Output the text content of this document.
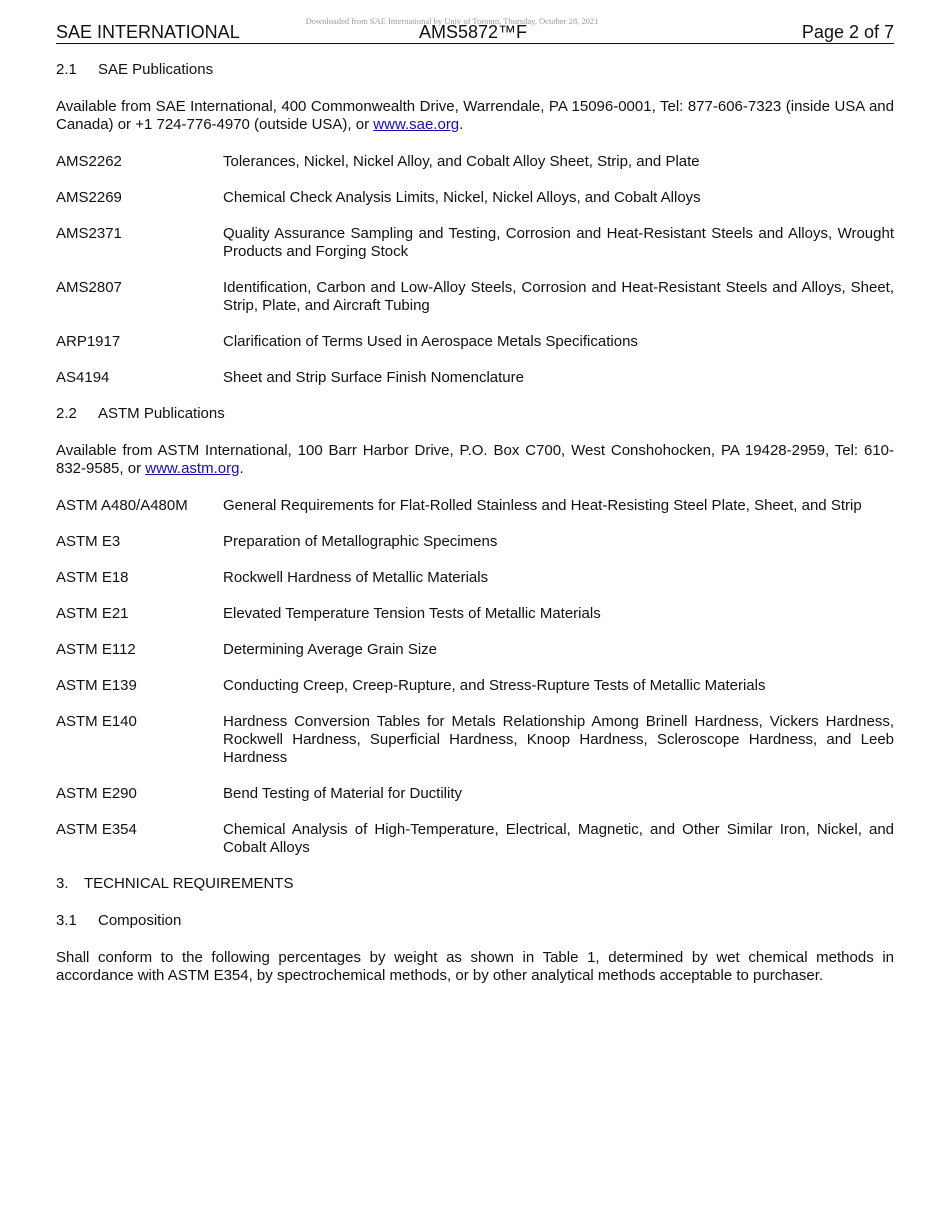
Downloaded from SAE International by Univ of Toronto, Thursday, October 28, 2021
SAE INTERNATIONAL	AMS5872™F	Page 2 of 7
2.1 SAE Publications
Available from SAE International, 400 Commonwealth Drive, Warrendale, PA 15096-0001, Tel: 877-606-7323 (inside USA and Canada) or +1 724-776-4970 (outside USA), or www.sae.org.
AMS2262	Tolerances, Nickel, Nickel Alloy, and Cobalt Alloy Sheet, Strip, and Plate
AMS2269	Chemical Check Analysis Limits, Nickel, Nickel Alloys, and Cobalt Alloys
AMS2371	Quality Assurance Sampling and Testing, Corrosion and Heat-Resistant Steels and Alloys, Wrought Products and Forging Stock
AMS2807	Identification, Carbon and Low-Alloy Steels, Corrosion and Heat-Resistant Steels and Alloys, Sheet, Strip, Plate, and Aircraft Tubing
ARP1917	Clarification of Terms Used in Aerospace Metals Specifications
AS4194	Sheet and Strip Surface Finish Nomenclature
2.2 ASTM Publications
Available from ASTM International, 100 Barr Harbor Drive, P.O. Box C700, West Conshohocken, PA 19428-2959, Tel: 610-832-9585, or www.astm.org.
ASTM A480/A480M	General Requirements for Flat-Rolled Stainless and Heat-Resisting Steel Plate, Sheet, and Strip
ASTM E3	Preparation of Metallographic Specimens
ASTM E18	Rockwell Hardness of Metallic Materials
ASTM E21	Elevated Temperature Tension Tests of Metallic Materials
ASTM E112	Determining Average Grain Size
ASTM E139	Conducting Creep, Creep-Rupture, and Stress-Rupture Tests of Metallic Materials
ASTM E140	Hardness Conversion Tables for Metals Relationship Among Brinell Hardness, Vickers Hardness, Rockwell Hardness, Superficial Hardness, Knoop Hardness, Scleroscope Hardness, and Leeb Hardness
ASTM E290	Bend Testing of Material for Ductility
ASTM E354	Chemical Analysis of High-Temperature, Electrical, Magnetic, and Other Similar Iron, Nickel, and Cobalt Alloys
3. TECHNICAL REQUIREMENTS
3.1 Composition
Shall conform to the following percentages by weight as shown in Table 1, determined by wet chemical methods in accordance with ASTM E354, by spectrochemical methods, or by other analytical methods acceptable to purchaser.
